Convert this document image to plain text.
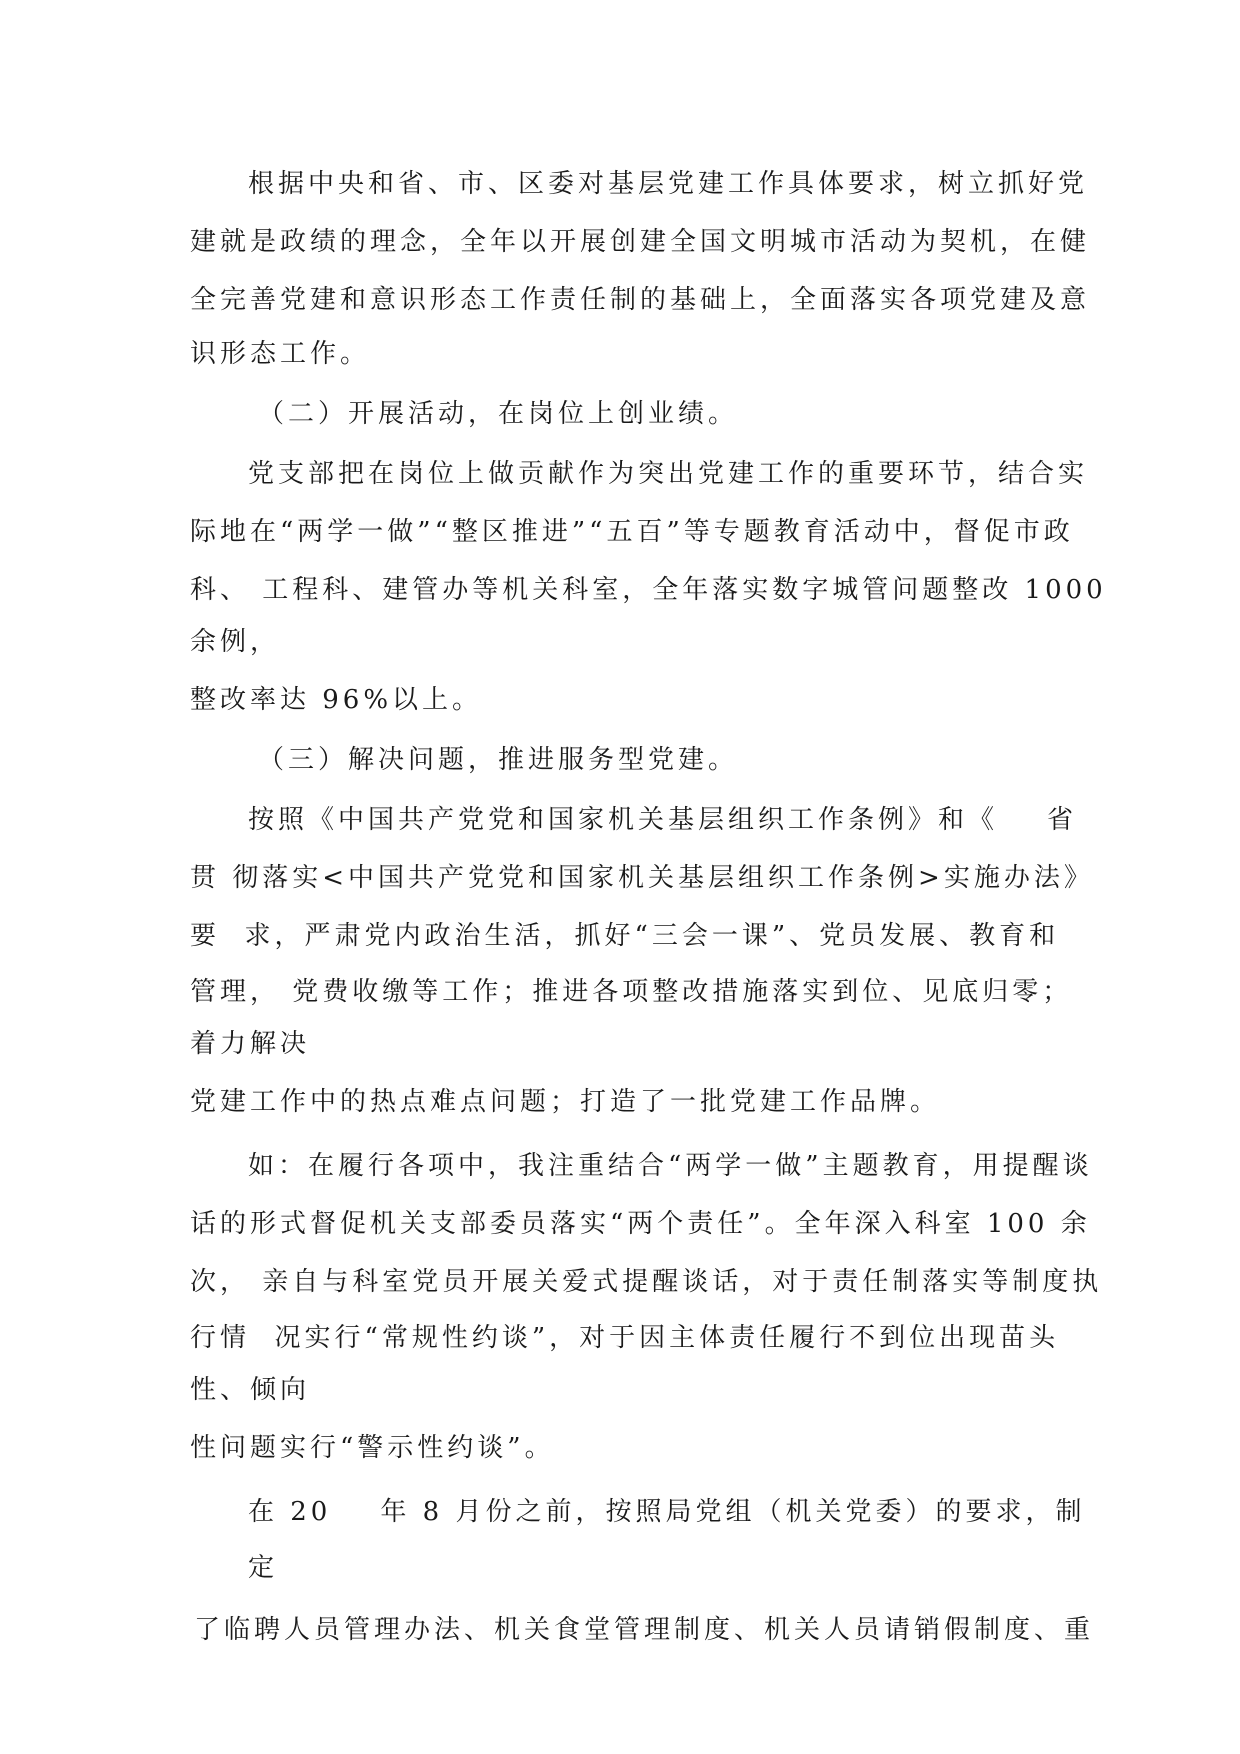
根据中央和省、市、区委对基层党建工作具体要求，树立抓好党
建就是政绩的理念，全年以开展创建全国文明城市活动为契机，在健
全完善党建和意识形态工作责任制的基础上，全面落实各项党建及意
识形态工作。
（二）开展活动，在岗位上创业绩。
党支部把在岗位上做贡献作为突出党建工作的重要环节，结合实
际地在“两学一做”“整区推进”“五百”等专题教育活动中，督促市政
科、 工程科、建管办等机关科室，全年落实数字城管问题整改 1000
余例，
整改率达 96%以上。
（三）解决问题，推进服务型党建。
按照《中国共产党党和国家机关基层组织工作条例》和《    省
贯 彻落实<中国共产党党和国家机关基层组织工作条例>实施办法》
要  求，严肃党内政治生活，抓好“三会一课”、党员发展、教育和
管理， 党费收缴等工作；推进各项整改措施落实到位、见底归零；
着力解决
党建工作中的热点难点问题；打造了一批党建工作品牌。
如：在履行各项中，我注重结合“两学一做”主题教育，用提醒谈
话的形式督促机关支部委员落实“两个责任”。全年深入科室 100 余
次， 亲自与科室党员开展关爱式提醒谈话，对于责任制落实等制度执
行情  况实行“常规性约谈”，对于因主体责任履行不到位出现苗头
性、倾向
性问题实行“警示性约谈”。
在 20    年 8 月份之前，按照局党组（机关党委）的要求，制
定
了临聘人员管理办法、机关食堂管理制度、机关人员请销假制度、重
